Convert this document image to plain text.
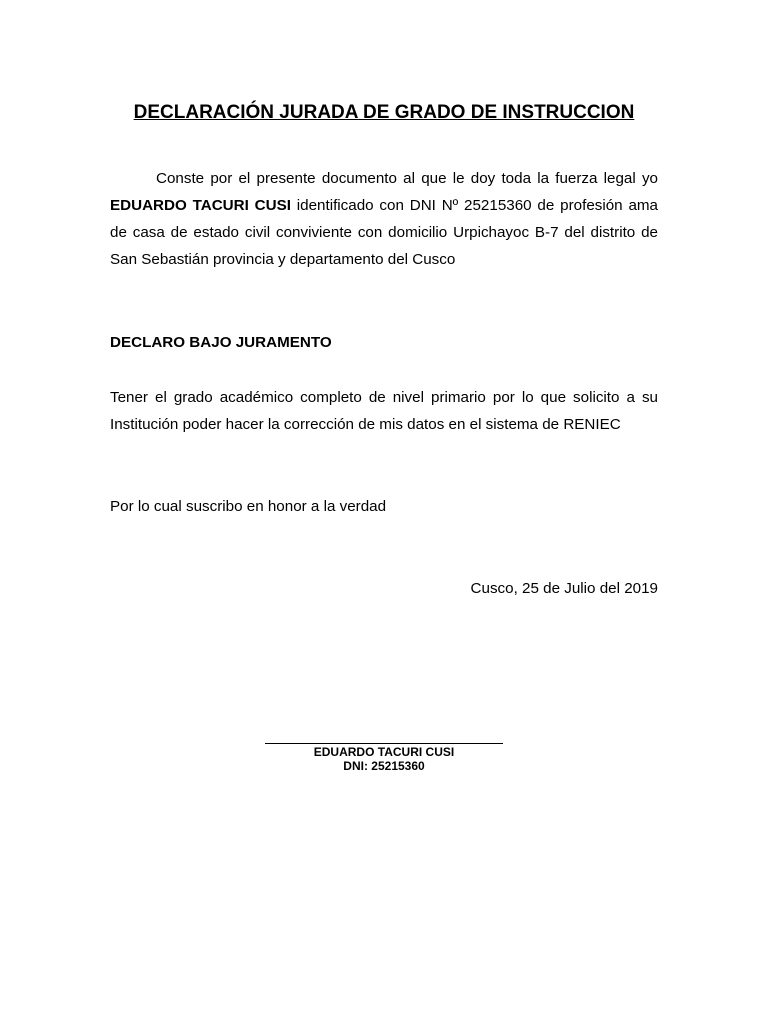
DECLARACIÓN JURADA DE GRADO DE INSTRUCCION
Conste por el presente documento al que le doy toda la fuerza legal yo EDUARDO TACURI CUSI identificado con DNI Nº 25215360 de profesión ama de casa de estado civil conviviente con domicilio Urpichayoc B-7 del distrito de San Sebastián provincia y departamento del Cusco
DECLARO BAJO JURAMENTO
Tener el grado académico completo de nivel primario por lo que solicito a su Institución poder hacer la corrección de mis datos en el sistema de RENIEC
Por lo cual suscribo en honor a la verdad
Cusco, 25 de Julio del 2019
EDUARDO TACURI CUSI
DNI: 25215360
